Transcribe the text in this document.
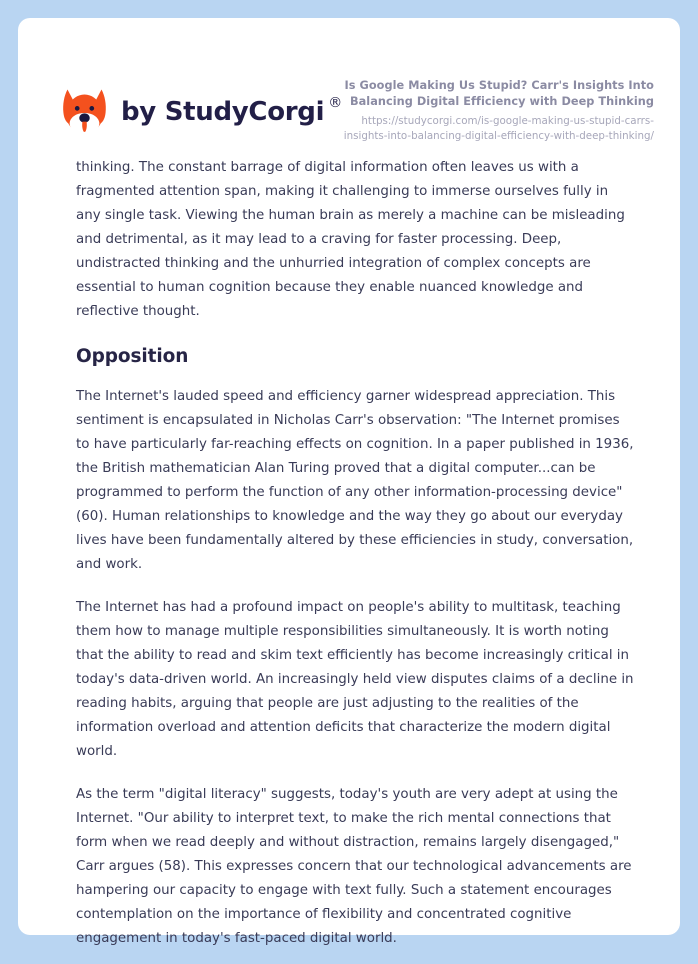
by StudyCorgi ®
Is Google Making Us Stupid? Carr's Insights Into Balancing Digital Efficiency with Deep Thinking
https://studycorgi.com/is-google-making-us-stupid-carrs-insights-into-balancing-digital-efficiency-with-deep-thinking/

thinking. The constant barrage of digital information often leaves us with a fragmented attention span, making it challenging to immerse ourselves fully in any single task. Viewing the human brain as merely a machine can be misleading and detrimental, as it may lead to a craving for faster processing. Deep, undistracted thinking and the unhurried integration of complex concepts are essential to human cognition because they enable nuanced knowledge and reflective thought.

Opposition

The Internet's lauded speed and efficiency garner widespread appreciation. This sentiment is encapsulated in Nicholas Carr's observation: "The Internet promises to have particularly far-reaching effects on cognition. In a paper published in 1936, the British mathematician Alan Turing proved that a digital computer...can be programmed to perform the function of any other information-processing device" (60). Human relationships to knowledge and the way they go about our everyday lives have been fundamentally altered by these efficiencies in study, conversation, and work.

The Internet has had a profound impact on people's ability to multitask, teaching them how to manage multiple responsibilities simultaneously. It is worth noting that the ability to read and skim text efficiently has become increasingly critical in today's data-driven world. An increasingly held view disputes claims of a decline in reading habits, arguing that people are just adjusting to the realities of the information overload and attention deficits that characterize the modern digital world.

As the term "digital literacy" suggests, today's youth are very adept at using the Internet. "Our ability to interpret text, to make the rich mental connections that form when we read deeply and without distraction, remains largely disengaged," Carr argues (58). This expresses concern that our technological advancements are hampering our capacity to engage with text fully. Such a statement encourages contemplation on the importance of flexibility and concentrated cognitive engagement in today's fast-paced digital world.
